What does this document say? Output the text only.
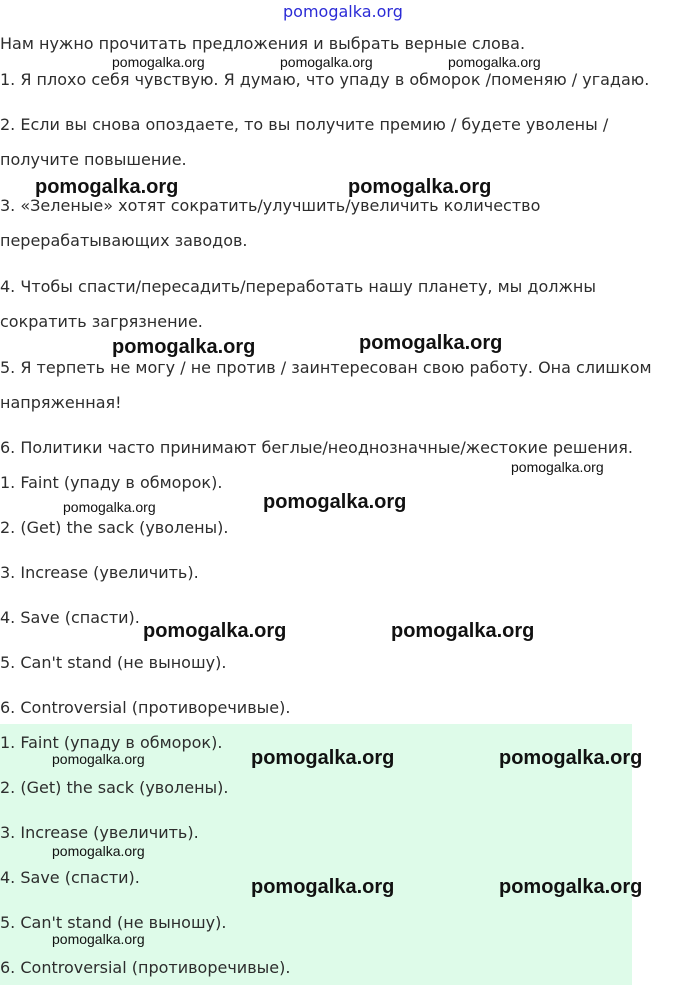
pomogalka.org
Нам нужно прочитать предложения и выбрать верные слова.
1. Я плохо себя чувствую. Я думаю, что упаду в обморок /поменяю / угадаю.
2. Если вы снова опоздаете, то вы получите премию / будете уволены /
получите повышение.
3. «Зеленые» хотят сократить/улучшить/увеличить количество
перерабатывающих заводов.
4. Чтобы спасти/пересадить/переработать нашу планету, мы должны
сократить загрязнение.
5. Я терпеть не могу / не против / заинтересован свою работу. Она слишком
напряженная!
6. Политики часто принимают беглые/неоднозначные/жестокие решения.
1. Faint (упаду в обморок).
2. (Get) the sack (уволены).
3. Increase (увеличить).
4. Save (спасти).
5. Can't stand (не выношу).
6. Controversial (противоречивые).
1. Faint (упаду в обморок).
2. (Get) the sack (уволены).
3. Increase (увеличить).
4. Save (спасти).
5. Can't stand (не выношу).
6. Controversial (противоречивые).
pomogalka.org	pomogalka.org	pomogalka.org
pomogalka.org	pomogalka.org
pomogalka.org	pomogalka.org
pomogalka.org
pomogalka.org	pomogalka.org
pomogalka.org	pomogalka.org
pomogalka.org	pomogalka.org	pomogalka.org
pomogalka.org
pomogalka.org	pomogalka.org
pomogalka.org
